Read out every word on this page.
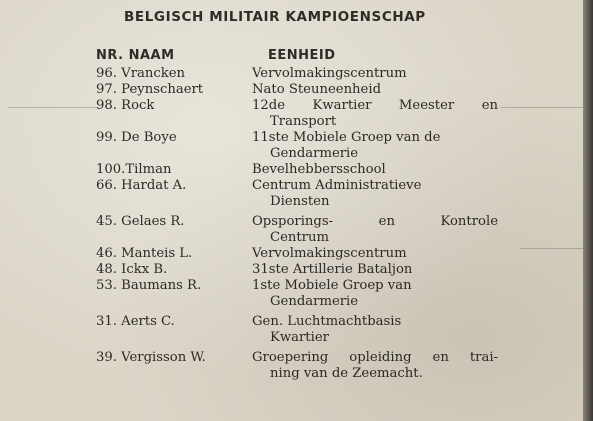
BELGISCH MILITAIR KAMPIOENSCHAP
NR. NAAM	EENHEID
96. Vrancken	Vervolmakingscentrum
97. Peynschaert	Nato Steuneenheid
98. Rock	12de Kwartier Meester en
Transport
99. De Boye	11ste Mobiele Groep van de
Gendarmerie
100.Tilman	Bevelhebbersschool
66. Hardat A.	Centrum Administratieve
Diensten
45. Gelaes R.	Opsporings- en Kontrole
Centrum
46. Manteis L.	Vervolmakingscentrum
48. Ickx B.	31ste Artillerie Bataljon
53. Baumans R.	1ste Mobiele Groep van
Gendarmerie
31. Aerts C.	Gen. Luchtmachtbasis
Kwartier
39. Vergisson W.	Groepering opleiding en trai-
ning van de Zeemacht.
